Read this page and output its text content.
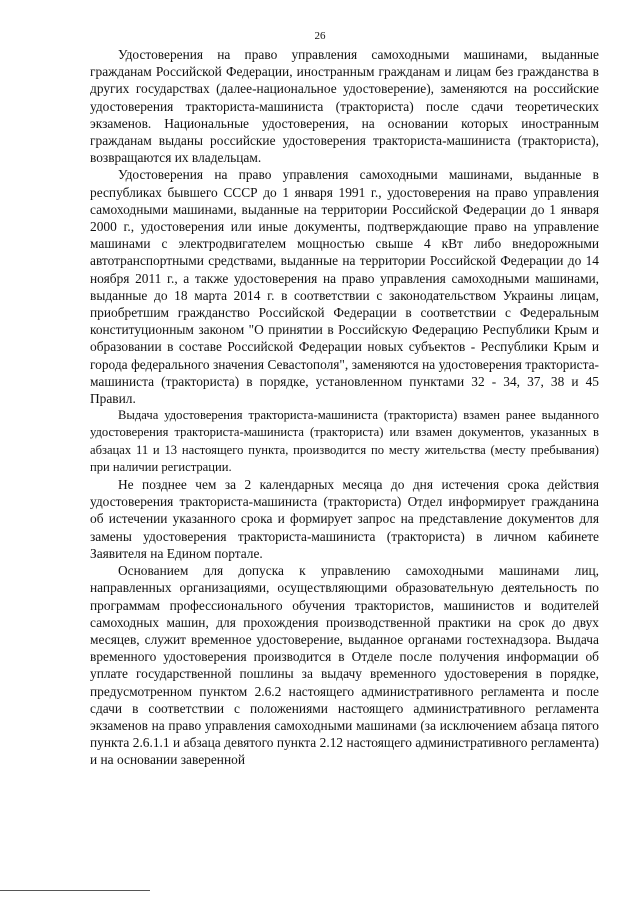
26

Удостоверения на право управления самоходными машинами, выданные гражданам Российской Федерации, иностранным гражданам и лицам без гражданства в других государствах (далее-национальное удостоверение), заменяются на российские удостоверения тракториста-машиниста (тракториста) после сдачи теоретических экзаменов. Национальные удостоверения, на основании которых иностранным гражданам выданы российские удостоверения тракториста-машиниста (тракториста), возвращаются их владельцам.

Удостоверения на право управления самоходными машинами, выданные в республиках бывшего СССР до 1 января 1991 г., удостоверения на право управления самоходными машинами, выданные на территории Российской Федерации до 1 января 2000 г., удостоверения или иные документы, подтверждающие право на управление машинами с электродвигателем мощностью свыше 4 кВт либо внедорожными автотранспортными средствами, выданные на территории Российской Федерации до 14 ноября 2011 г., а также удостоверения на право управления самоходными машинами, выданные до 18 марта 2014 г. в соответствии с законодательством Украины лицам, приобретшим гражданство Российской Федерации в соответствии с Федеральным конституционным законом "О принятии в Российскую Федерацию Республики Крым и образовании в составе Российской Федерации новых субъектов - Республики Крым и города федерального значения Севастополя", заменяются на удостоверения тракториста-машиниста (тракториста) в порядке, установленном пунктами 32 - 34, 37, 38 и 45 Правил.

Выдача удостоверения тракториста-машиниста (тракториста) взамен ранее выданного удостоверения тракториста-машиниста (тракториста) или взамен документов, указанных в абзацах 11 и 13 настоящего пункта, производится по месту жительства (месту пребывания) при наличии регистрации.

Не позднее чем за 2 календарных месяца до дня истечения срока действия удостоверения тракториста-машиниста (тракториста) Отдел информирует гражданина об истечении указанного срока и формирует запрос на представление документов для замены удостоверения тракториста-машиниста (тракториста) в личном кабинете Заявителя на Едином портале.

Основанием для допуска к управлению самоходными машинами лиц, направленных организациями, осуществляющими образовательную деятельность по программам профессионального обучения трактористов, машинистов и водителей самоходных машин, для прохождения производственной практики на срок до двух месяцев, служит временное удостоверение, выданное органами гостехнадзора. Выдача временного удостоверения производится в Отделе после получения информации об уплате государственной пошлины за выдачу временного удостоверения в порядке, предусмотренном пунктом 2.6.2 настоящего административного регламента и после сдачи в соответствии с положениями настоящего административного регламента экзаменов на право управления самоходными машинами (за исключением абзаца пятого пункта 2.6.1.1 и абзаца девятого пункта 2.12 настоящего административного регламента) и на основании заверенной
